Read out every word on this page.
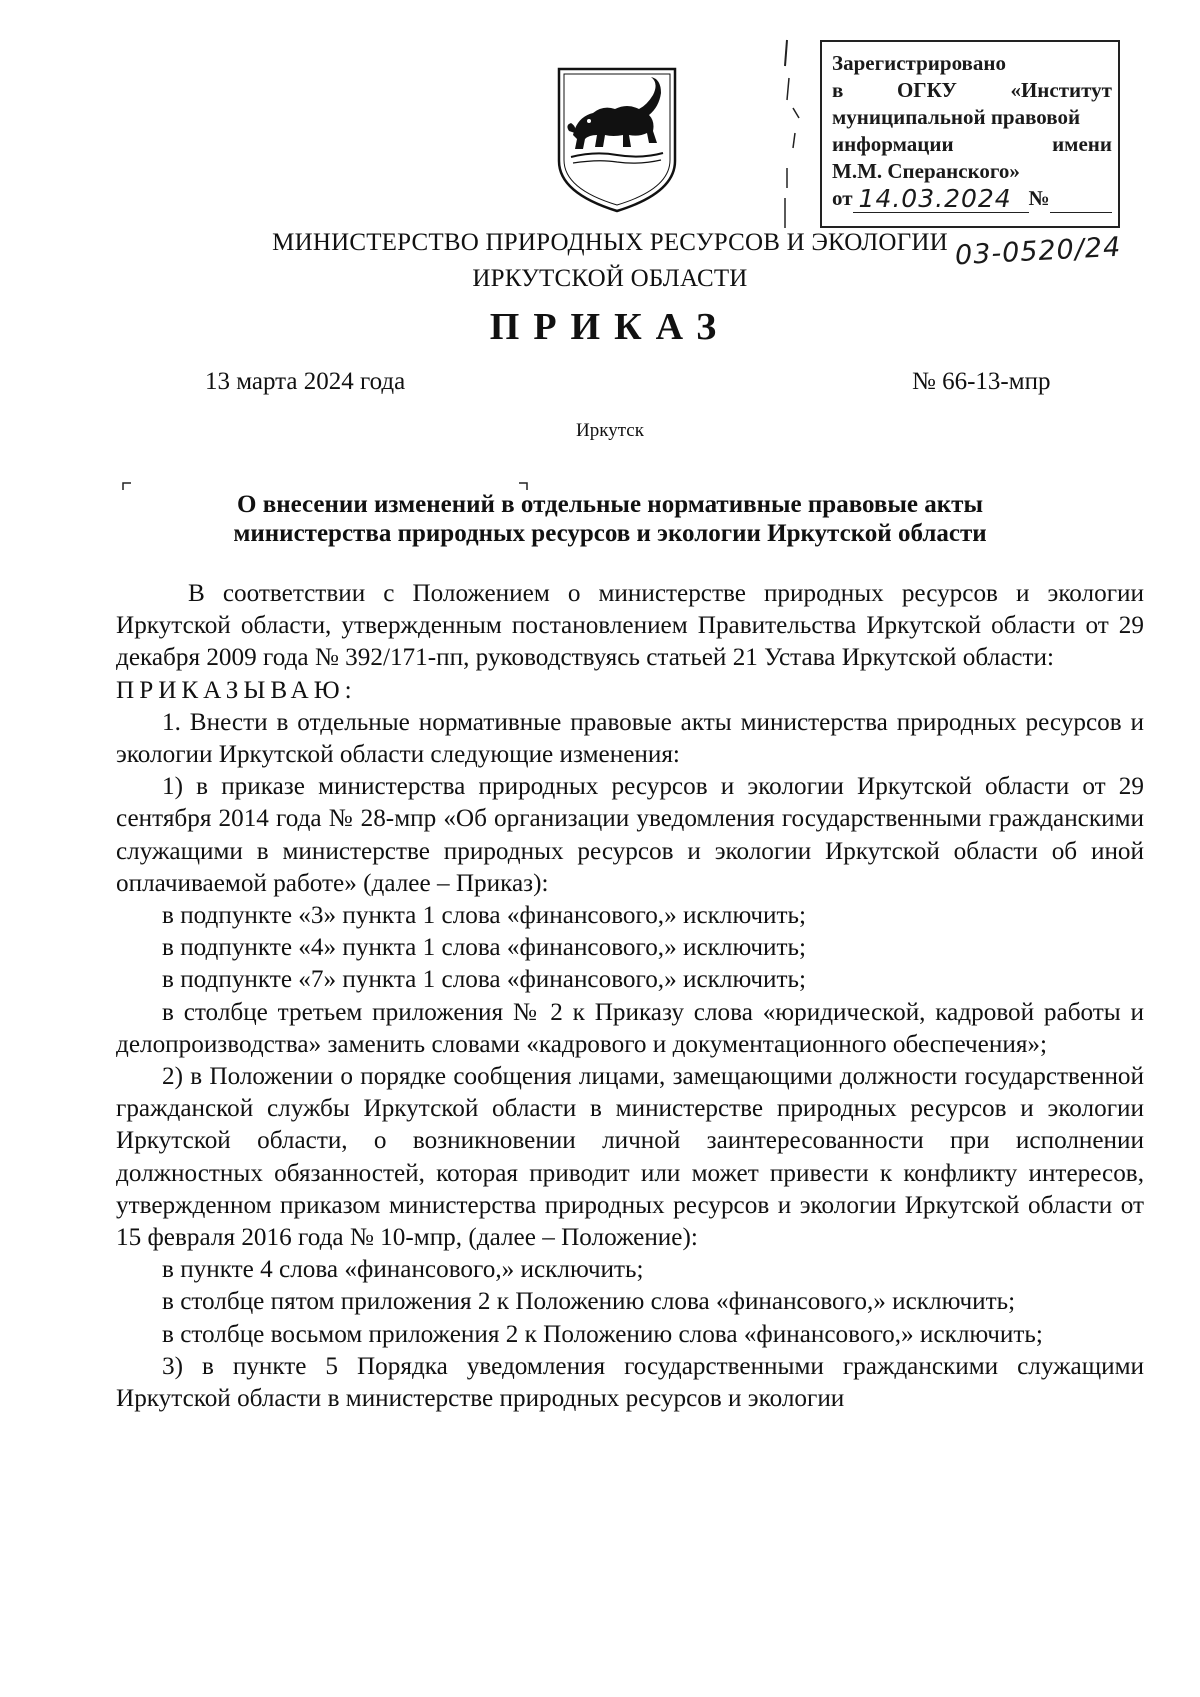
Зарегистрировано
в	ОГКУ	«Институт
муниципальной правовой
информации	имени
М.М. Сперанского»
от 14.03.2024 №
03-0520/24
МИНИСТЕРСТВО ПРИРОДНЫХ РЕСУРСОВ И ЭКОЛОГИИ
ИРКУТСКОЙ ОБЛАСТИ
ПРИКАЗ
13 марта 2024 года	№ 66-13-мпр
Иркутск
О внесении изменений в отдельные нормативные правовые акты
министерства природных ресурсов и экологии Иркутской области

В соответствии с Положением о министерстве природных ресурсов и экологии Иркутской области, утвержденным постановлением Правительства Иркутской области от 29 декабря 2009 года № 392/171-пп, руководствуясь статьей 21 Устава Иркутской области:

ПРИКАЗЫВАЮ:

1. Внести в отдельные нормативные правовые акты министерства природных ресурсов и экологии Иркутской области следующие изменения:

1) в приказе министерства природных ресурсов и экологии Иркутской области от 29 сентября 2014 года № 28-мпр «Об организации уведомления государственными гражданскими служащими в министерстве природных ресурсов и экологии Иркутской области об иной оплачиваемой работе» (далее – Приказ):

в подпункте «3» пункта 1 слова «финансового,» исключить;

в подпункте «4» пункта 1 слова «финансового,» исключить;

в подпункте «7» пункта 1 слова «финансового,» исключить;

в столбце третьем приложения № 2 к Приказу слова «юридической, кадровой работы и делопроизводства» заменить словами «кадрового и документационного обеспечения»;

2) в Положении о порядке сообщения лицами, замещающими должности государственной гражданской службы Иркутской области в министерстве природных ресурсов и экологии Иркутской области, о возникновении личной заинтересованности при исполнении должностных обязанностей, которая приводит или может привести к конфликту интересов, утвержденном приказом министерства природных ресурсов и экологии Иркутской области от 15 февраля 2016 года № 10-мпр, (далее – Положение):

в пункте 4 слова «финансового,» исключить;

в столбце пятом приложения 2 к Положению слова «финансового,» исключить;

в столбце восьмом приложения 2 к Положению слова «финансового,» исключить;

3) в пункте 5 Порядка уведомления государственными гражданскими служащими Иркутской области в министерстве природных ресурсов и экологии
